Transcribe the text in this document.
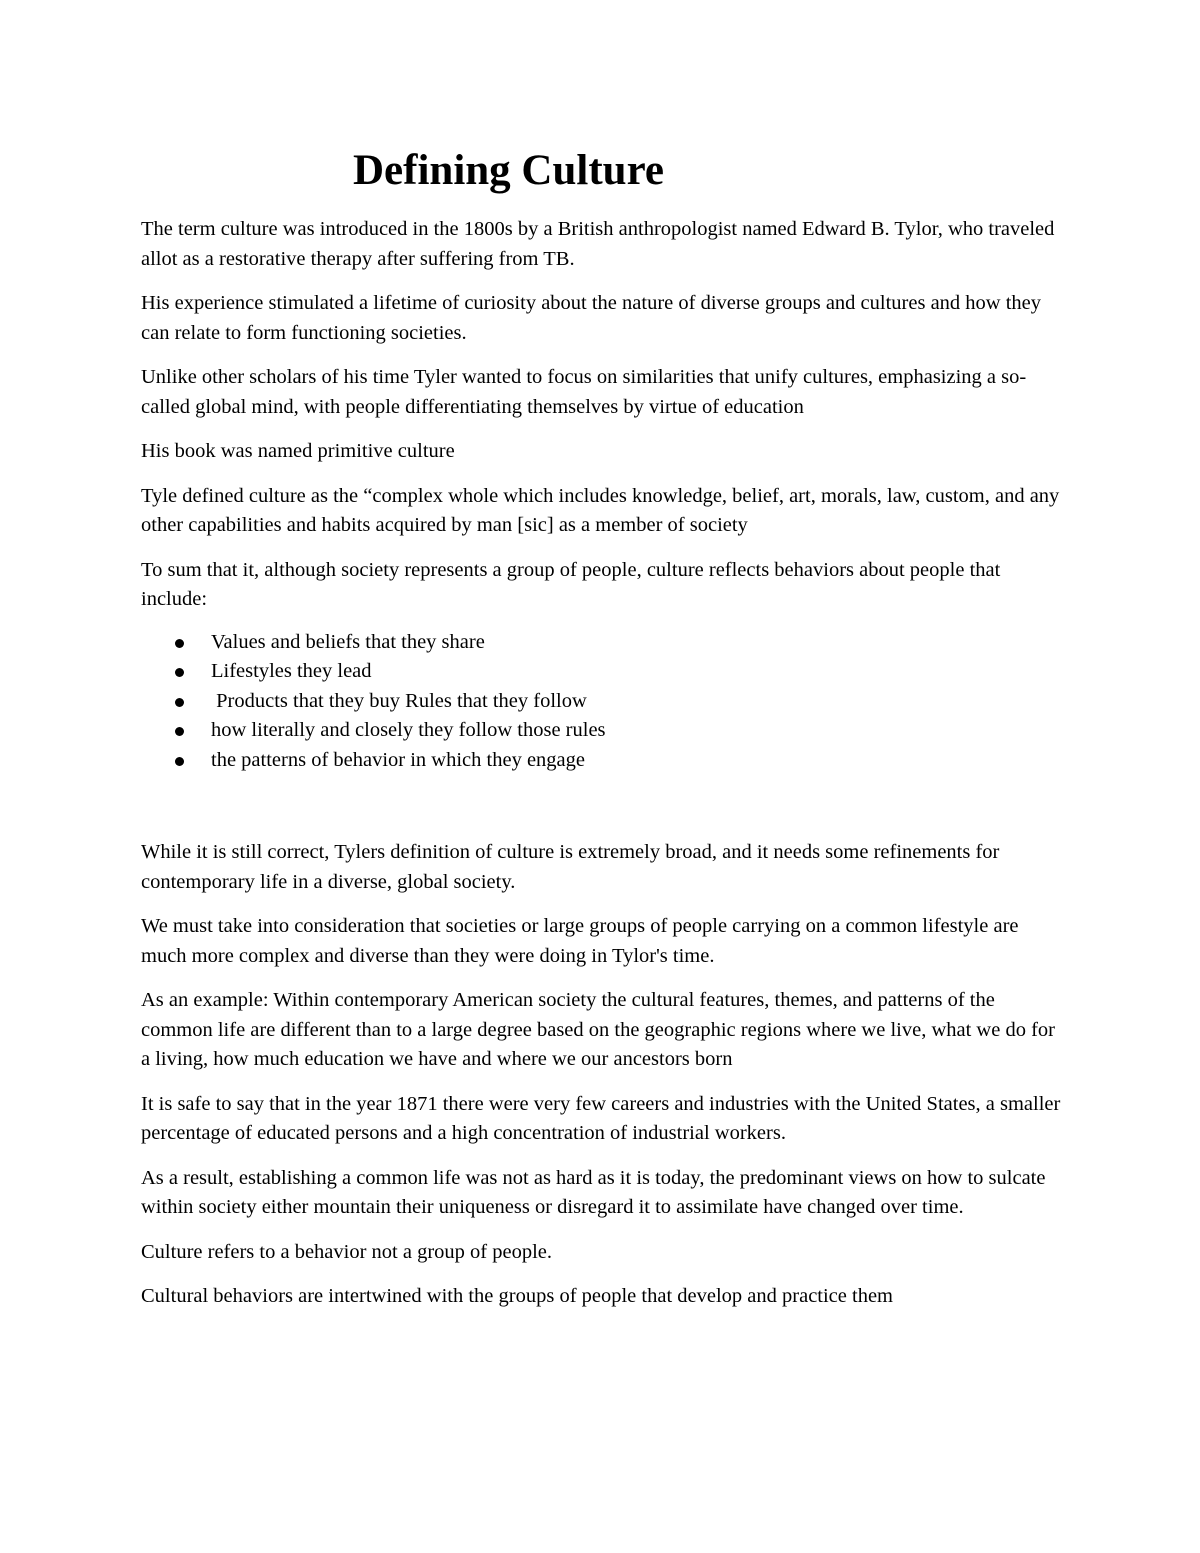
Defining Culture

The term culture was introduced in the 1800s by a British anthropologist named Edward B. Tylor, who traveled allot as a restorative therapy after suffering from TB.

His experience stimulated a lifetime of curiosity about the nature of diverse groups and cultures and how they can relate to form functioning societies.

Unlike other scholars of his time Tyler wanted to focus on similarities that unify cultures, emphasizing a so-called global mind, with people differentiating themselves by virtue of education

His book was named primitive culture

Tyle defined culture as the “complex whole which includes knowledge, belief, art, morals, law, custom, and any other capabilities and habits acquired by man [sic] as a member of society

To sum that it, although society represents a group of people, culture reflects behaviors about people that include:

Values and beliefs that they share
Lifestyles they lead
Products that they buy Rules that they follow
how literally and closely they follow those rules
the patterns of behavior in which they engage

While it is still correct, Tylers definition of culture is extremely broad, and it needs some refinements for contemporary life in a diverse, global society.

We must take into consideration that societies or large groups of people carrying on a common lifestyle are much more complex and diverse than they were doing in Tylor's time.

As an example: Within contemporary American society the cultural features, themes, and patterns of the common life are different than to a large degree based on the geographic regions where we live, what we do for a living, how much education we have and where we our ancestors born

It is safe to say that in the year 1871 there were very few careers and industries with the United States, a smaller percentage of educated persons and a high concentration of industrial workers.

As a result, establishing a common life was not as hard as it is today, the predominant views on how to sulcate within society either mountain their uniqueness or disregard it to assimilate have changed over time.

Culture refers to a behavior not a group of people.

Cultural behaviors are intertwined with the groups of people that develop and practice them
